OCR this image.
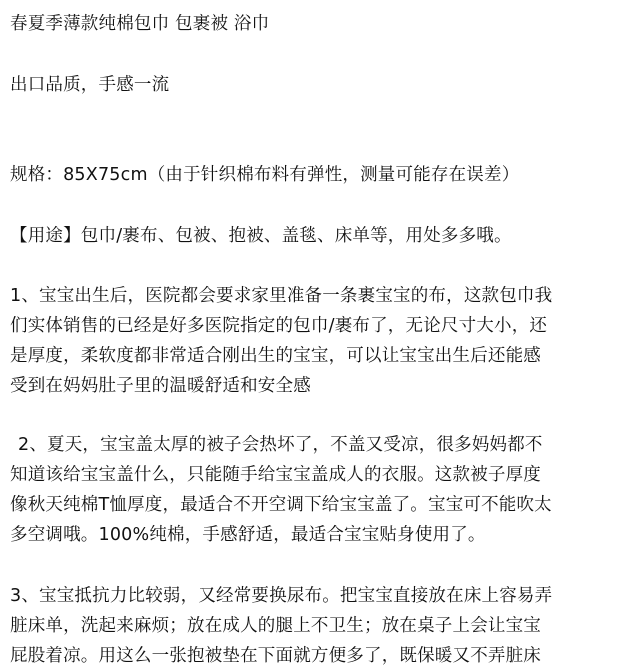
春夏季薄款纯棉包巾 包裹被 浴巾
出口品质，手感一流
规格：85X75cm（由于针织棉布料有弹性，测量可能存在误差）
【用途】包巾/裹布、包被、抱被、盖毯、床单等，用处多多哦。
1、宝宝出生后，医院都会要求家里准备一条裹宝宝的布，这款包巾我
们实体销售的已经是好多医院指定的包巾/裹布了，无论尺寸大小，还
是厚度，柔软度都非常适合刚出生的宝宝，可以让宝宝出生后还能感
受到在妈妈肚子里的温暖舒适和安全感
2、夏天，宝宝盖太厚的被子会热坏了，不盖又受凉，很多妈妈都不
知道该给宝宝盖什么，只能随手给宝宝盖成人的衣服。这款被子厚度
像秋天纯棉T恤厚度，最适合不开空调下给宝宝盖了。宝宝可不能吹太
多空调哦。100%纯棉，手感舒适，最适合宝宝贴身使用了。
3、宝宝抵抗力比较弱，又经常要换尿布。把宝宝直接放在床上容易弄
脏床单，洗起来麻烦；放在成人的腿上不卫生；放在桌子上会让宝宝
屁股着凉。用这么一张抱被垫在下面就方便多了，既保暖又不弄脏床
